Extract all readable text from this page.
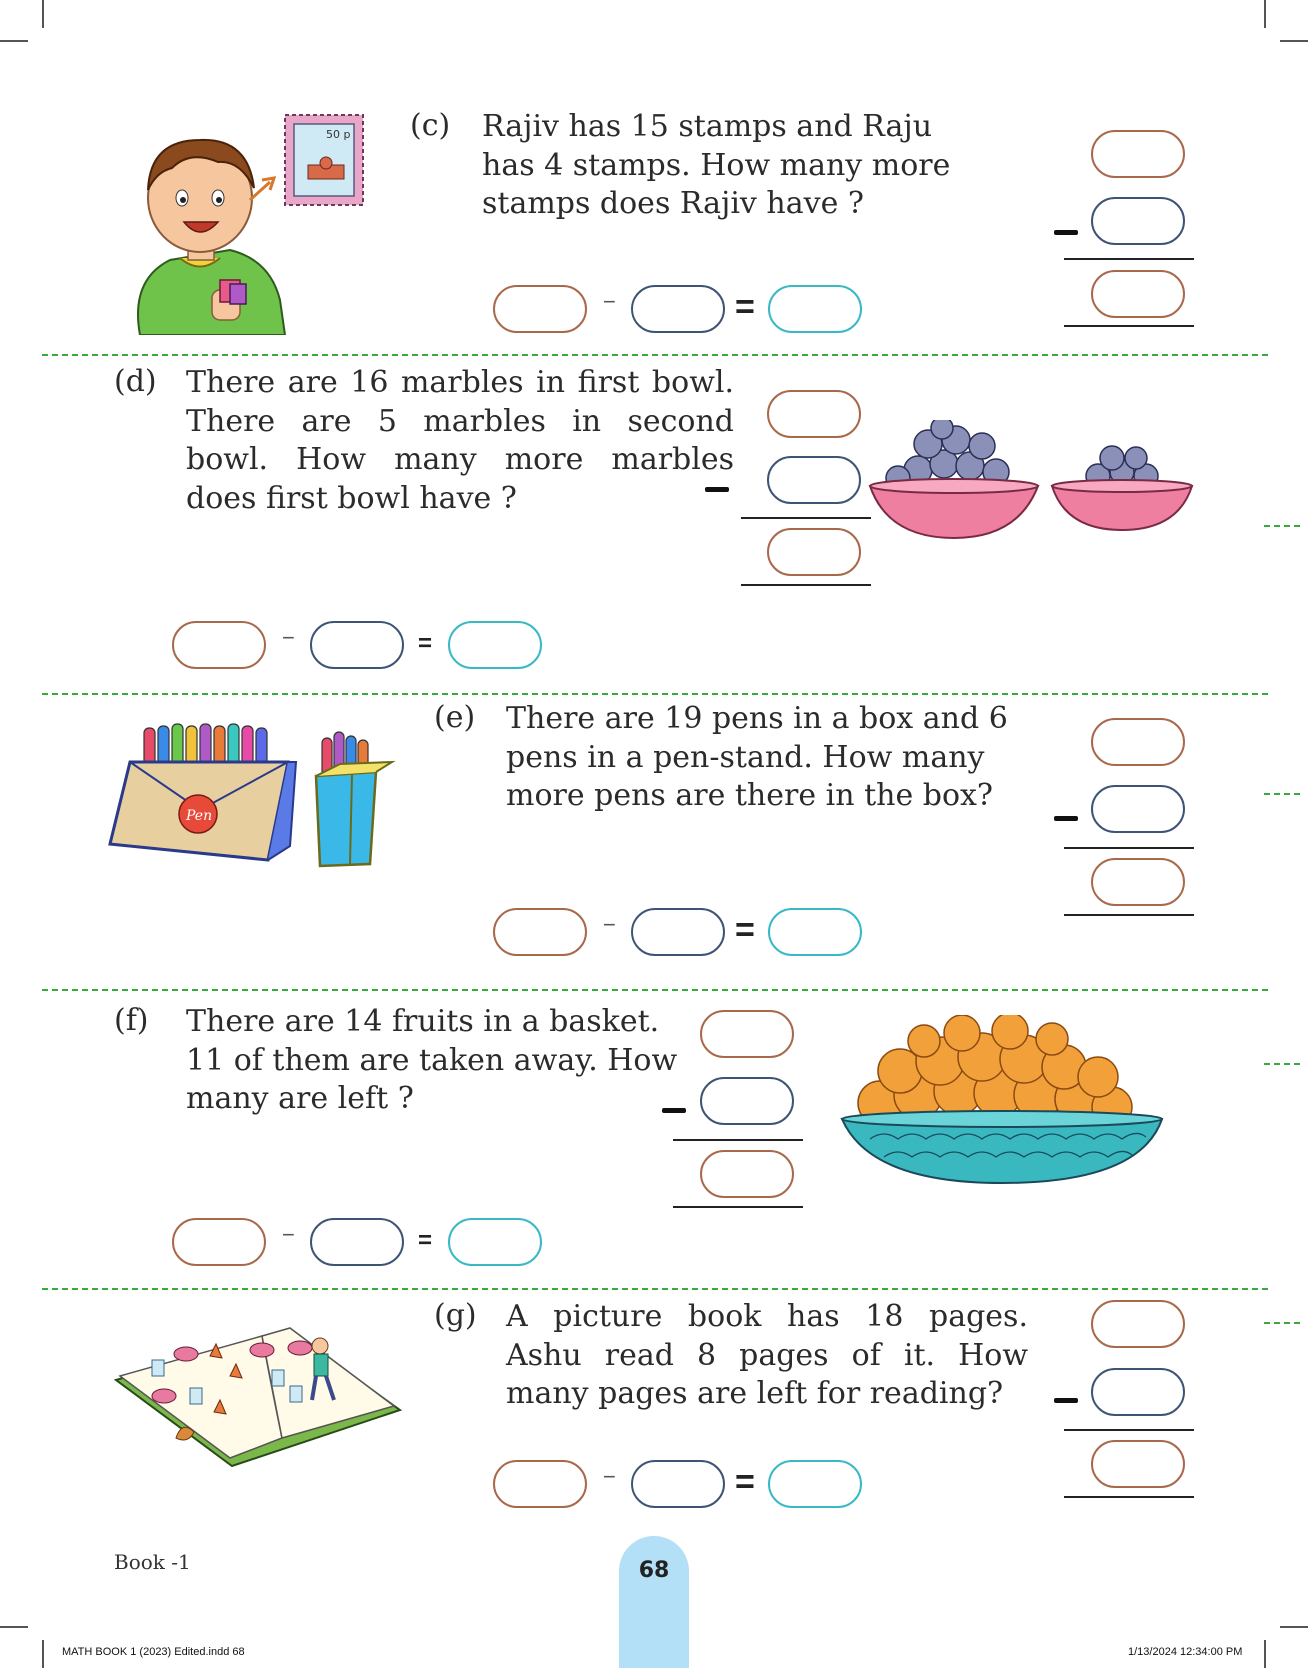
50 p (c) Rajiv has 15 stamps and Raju has 4 stamps. How many more stamps does Rajiv have ?
−	=
(d) There are 16 marbles in first bowl. There are 5 marbles in second bowl. How many more marbles does first bowl have ?
−	=
Pen
(e) There are 19 pens in a box and 6 pens in a pen-stand. How many more pens are there in the box?
−	=
(f) There are 14 fruits in a basket. 11 of them are taken away. How many are left ?
−	=
(g) A picture book has 18 pages. Ashu read 8 pages of it. How many pages are left for reading?
−	=
Book -1	68
MATH BOOK 1 (2023) Edited.indd 68	1/13/2024 12:34:00 PM
